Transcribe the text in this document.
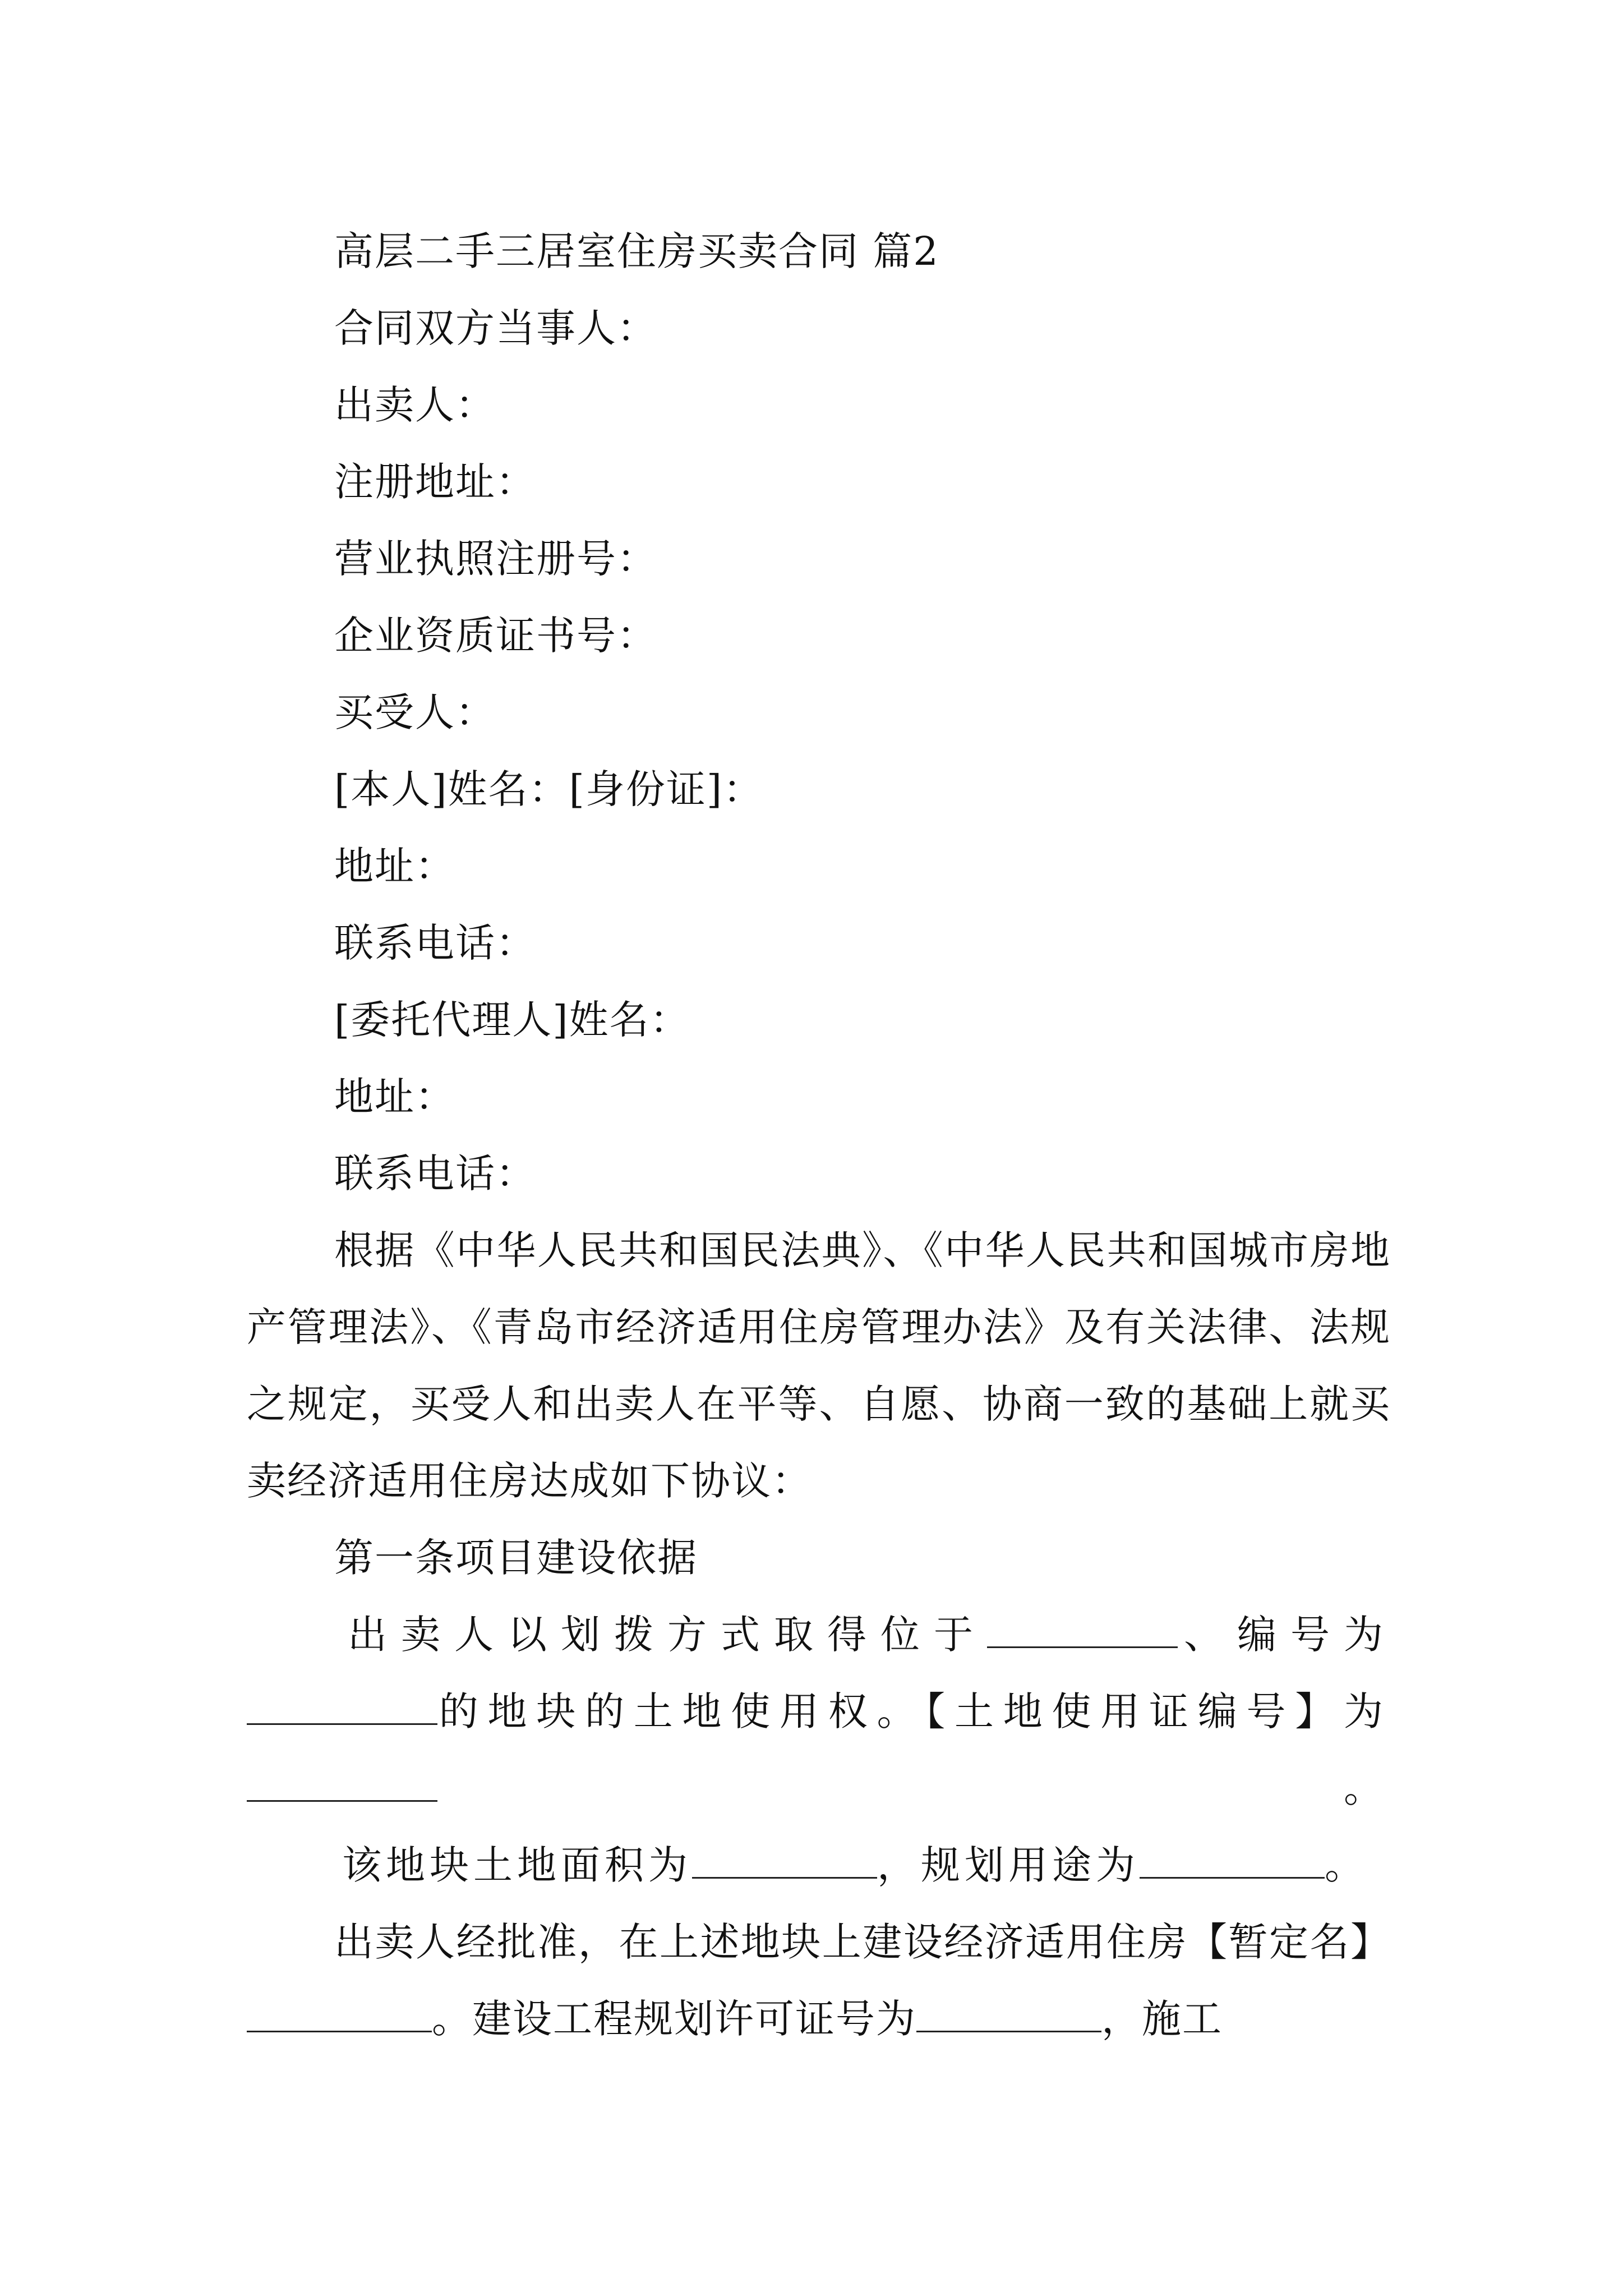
高层二手三居室住房买卖合同 篇2
合同双方当事人：
出卖人：
注册地址：
营业执照注册号：
企业资质证书号：
买受人：
[本人]姓名：[身份证]：
地址：
联系电话：
[委托代理人]姓名：
地址：
联系电话：

根据《中华人民共和国民法典》、《中华人民共和国城市房地产管理法》、《青岛市经济适用住房管理办法》及有关法律、法规之规定，买受人和出卖人在平等、自愿、协商一致的基础上就买卖经济适用住房达成如下协议：

第一条项目建设依据

出卖人以划拨方式取得位于	、编号为的地块的土地使用权。【土地使用证编号】为。

该地块土地面积为	，规划用途为	。

出卖人经批准，在上述地块上建设经济适用住房【暂定名】。建设工程规划许可证号为	，施工
